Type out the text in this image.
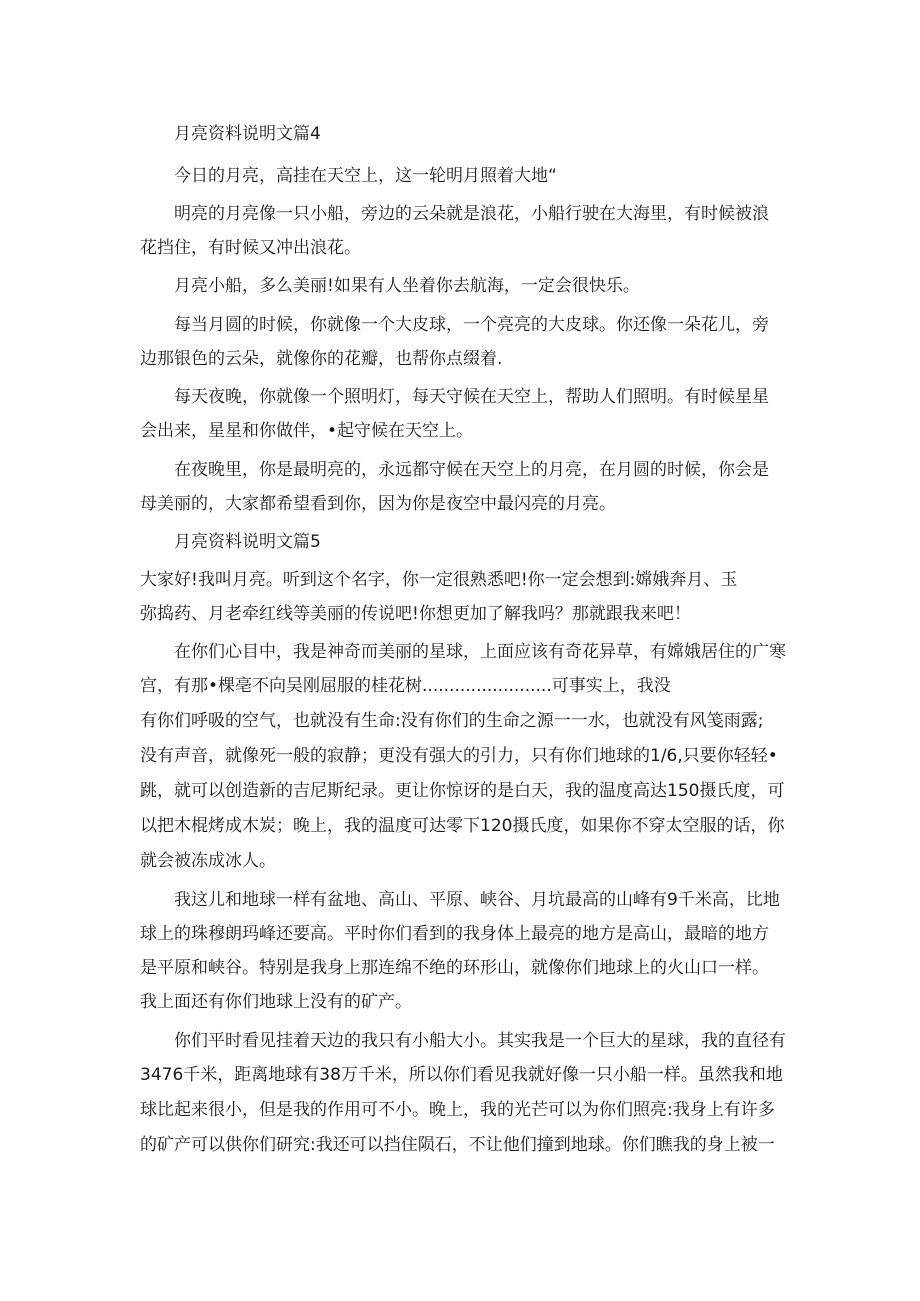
月亮资料说明文篇4
今日的月亮，高挂在天空上，这一轮明月照着大地“
明亮的月亮像一只小船，旁边的云朵就是浪花，小船行驶在大海里，有时候被浪
花挡住，有时候又冲出浪花。
月亮小船，多么美丽!如果有人坐着你去航海，一定会很快乐。
每当月圆的时候，你就像一个大皮球，一个亮亮的大皮球。你还像一朵花儿，旁
边那银色的云朵，就像你的花瓣，也帮你点缀着.
每天夜晚，你就像一个照明灯，每天守候在天空上，帮助人们照明。有时候星星
会出来，星星和你做伴，•起守候在天空上。
在夜晚里，你是最明亮的，永远都守候在天空上的月亮，在月圆的时候，你会是
母美丽的，大家都希望看到你，因为你是夜空中最闪亮的月亮。
月亮资料说明文篇5
大家好!我叫月亮。听到这个名字，你一定很熟悉吧!你一定会想到:嫦娥奔月、玉
弥捣药、月老牵红线等美丽的传说吧!你想更加了解我吗？那就跟我来吧！
在你们心目中，我是神奇而美丽的星球，上面应该有奇花异草，有嫦娥居住的广寒
宫，有那•棵亳不向吴刚屈服的桂花树........................可事实上，我没
有你们呼吸的空气，也就没有生命:没有你们的生命之源一一水，也就没有风笺雨露;
没有声音，就像死一般的寂静；更没有强大的引力，只有你们地球的1/6,只要你轻轻•
跳，就可以创造新的吉尼斯纪录。更让你惊讶的是白天，我的温度高达150摄氏度，可
以把木棍烤成木炭；晚上，我的温度可达零下120摄氏度，如果你不穿太空服的话，你
就会被冻成冰人。
我这儿和地球一样有盆地、高山、平原、峡谷、月坑最高的山峰有9千米高，比地
球上的珠穆朗玛峰还要高。平时你们看到的我身体上最亮的地方是高山，最暗的地方
是平原和峡谷。特别是我身上那连绵不绝的环形山，就像你们地球上的火山口一样。
我上面还有你们地球上没有的矿产。
你们平时看见挂着天边的我只有小船大小。其实我是一个巨大的星球，我的直径有
3476千米，距离地球有38万千米，所以你们看见我就好像一只小船一样。虽然我和地
球比起来很小，但是我的作用可不小。晚上，我的光芒可以为你们照亮:我身上有许多
的矿产可以供你们研究:我还可以挡住陨石，不让他们撞到地球。你们瞧我的身上被一
